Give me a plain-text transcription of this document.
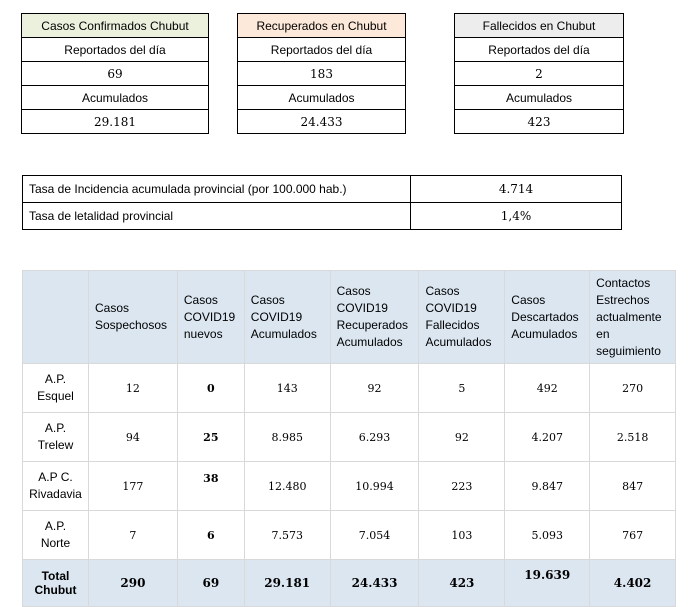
Casos Confirmados Chubut
Reportados del día
69
Acumulados
29.181
Recuperados en Chubut
Reportados del día
183
Acumulados
24.433
Fallecidos en Chubut
Reportados del día
2
Acumulados
423
Tasa de Incidencia acumulada provincial (por 100.000 hab.)	4.714
Tasa de letalidad provincial	1,4%
	Casos Sospechosos	Casos COVID19 nuevos	Casos COVID19 Acumulados	Casos COVID19 Recuperados Acumulados	Casos COVID19 Fallecidos Acumulados	Casos Descartados Acumulados	Contactos Estrechos actualmente en seguimiento
A.P. Esquel	12	0	143	92	5	492	270
A.P. Trelew	94	25	8.985	6.293	92	4.207	2.518
A.P C. Rivadavia	177	38	12.480	10.994	223	9.847	847
A.P. Norte	7	6	7.573	7.054	103	5.093	767
Total Chubut	290	69	29.181	24.433	423	19.639	4.402
